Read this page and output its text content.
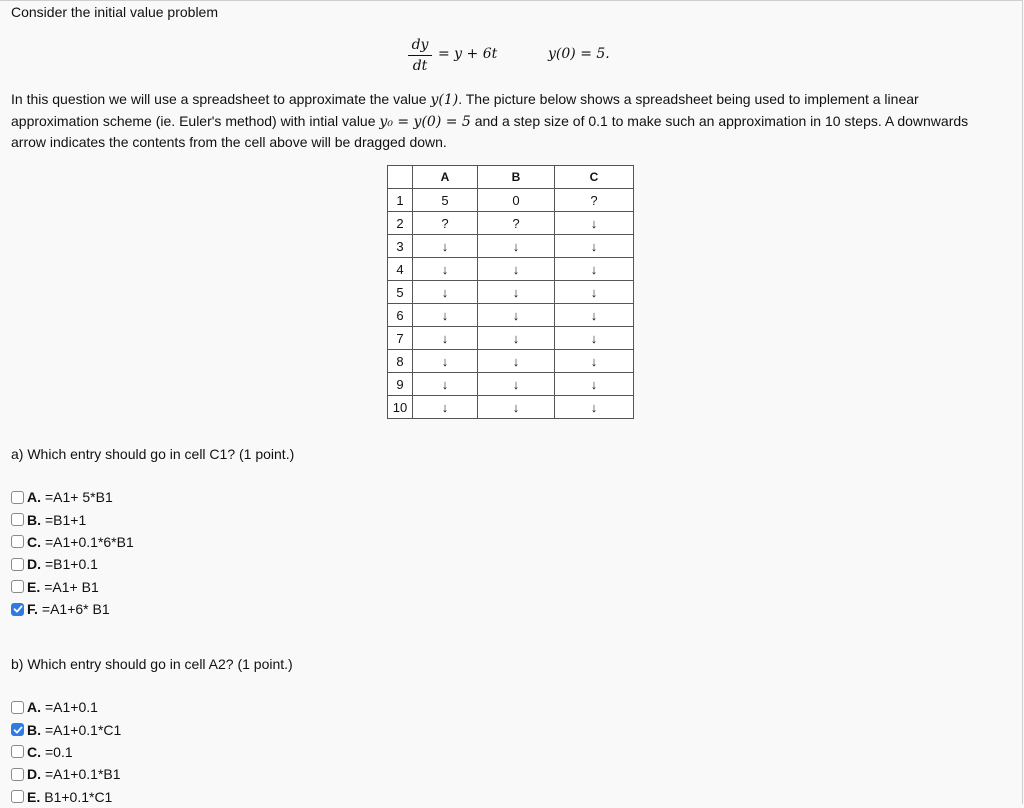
Consider the initial value problem
dy
dt
= y + 6t	y(0) = 5.
In this question we will use a spreadsheet to approximate the value y(1). The picture below shows a spreadsheet being used to implement a linear approximation scheme (ie. Euler's method) with intial value y₀ = y(0) = 5 and a step size of 0.1 to make such an approximation in 10 steps. A downwards arrow indicates the contents from the cell above will be dragged down.
	A	B	C
1	5	0	?
2	?	?	↓
3	↓	↓	↓
4	↓	↓	↓
5	↓	↓	↓
6	↓	↓	↓
7	↓	↓	↓
8	↓	↓	↓
9	↓	↓	↓
10	↓	↓	↓
a) Which entry should go in cell C1? (1 point.)
A. =A1+ 5*B1
B. =B1+1
C. =A1+0.1*6*B1
D. =B1+0.1
E. =A1+ B1
F. =A1+6* B1
b) Which entry should go in cell A2? (1 point.)
A. =A1+0.1
B. =A1+0.1*C1
C. =0.1
D. =A1+0.1*B1
E. B1+0.1*C1
